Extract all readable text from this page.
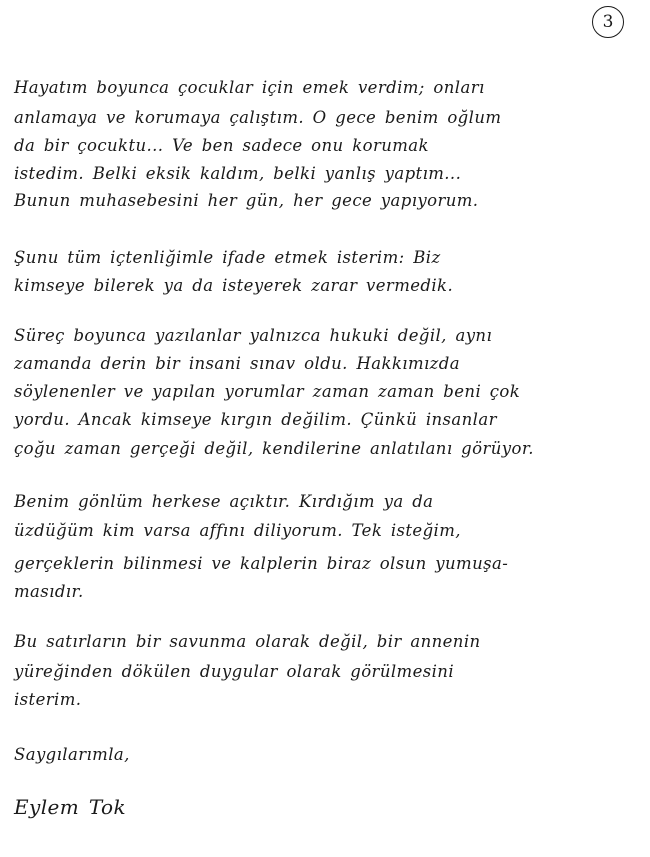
3
Hayatım boyunca çocuklar için emek verdim; onları
anlamaya ve korumaya çalıştım. O gece benim oğlum
da bir çocuktu... Ve ben sadece onu korumak
istedim. Belki eksik kaldım, belki yanlış yaptım...
Bunun muhasebesini her gün, her gece yapıyorum.
Şunu tüm içtenliğimle ifade etmek isterim: Biz
kimseye bilerek ya da isteyerek zarar vermedik.
Süreç boyunca yazılanlar yalnızca hukuki değil, aynı
zamanda derin bir insani sınav oldu. Hakkımızda
söylenenler ve yapılan yorumlar zaman zaman beni çok
yordu. Ancak kimseye kırgın değilim. Çünkü insanlar
çoğu zaman gerçeği değil, kendilerine anlatılanı görüyor.
Benim gönlüm herkese açıktır. Kırdığım ya da
üzdüğüm kim varsa affını diliyorum. Tek isteğim,
gerçeklerin bilinmesi ve kalplerin biraz olsun yumuşa-
masıdır.
Bu satırların bir savunma olarak değil, bir annenin
yüreğinden dökülen duygular olarak görülmesini
isterim.
Saygılarımla,
Eylem Tok
